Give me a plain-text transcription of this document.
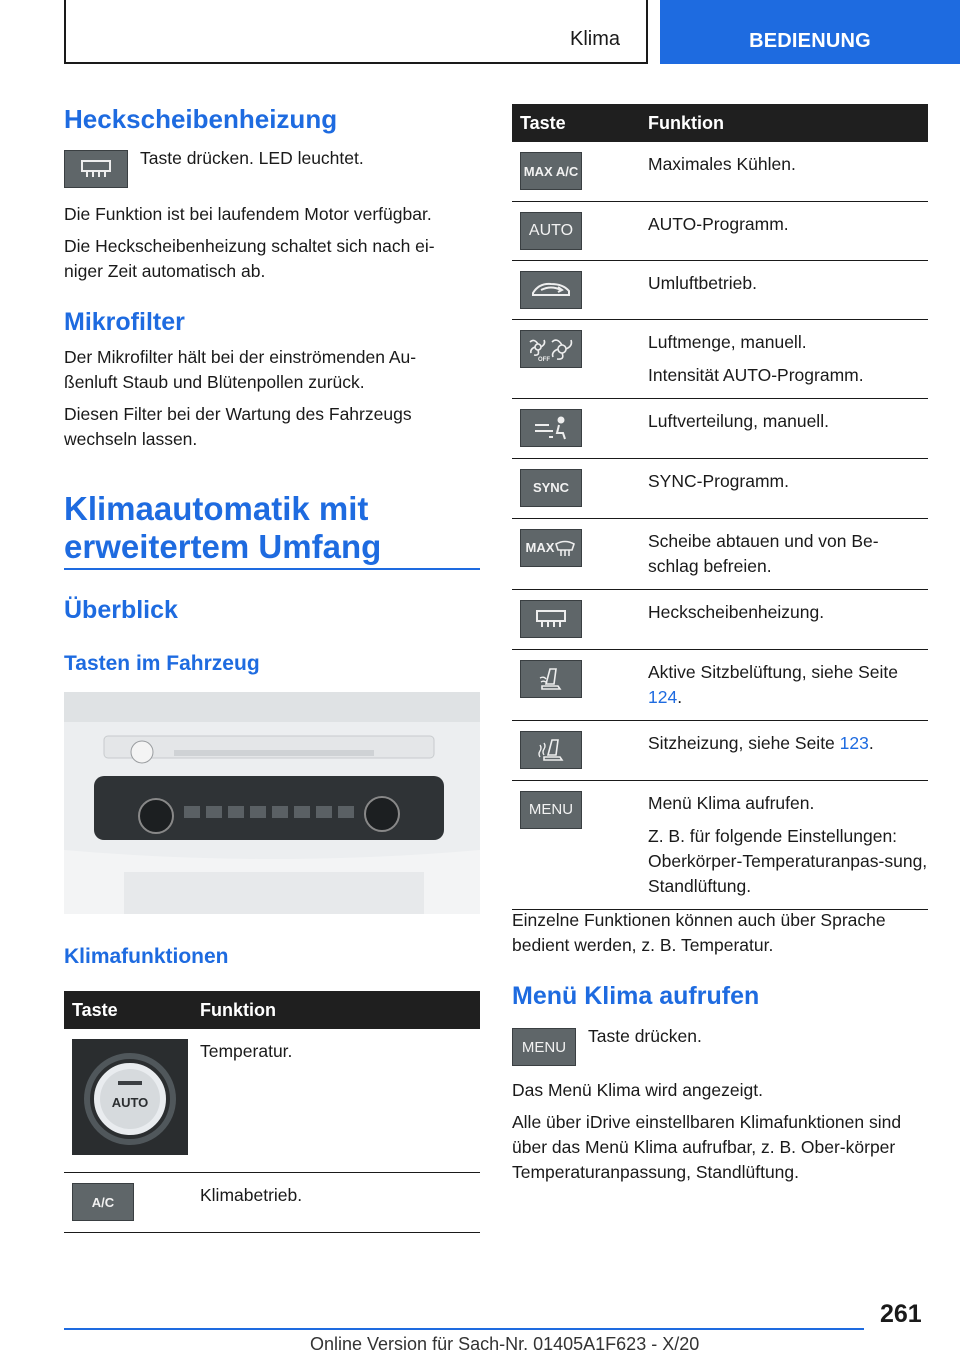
Klima	BEDIENUNG
Heckscheibenheizung

Taste drücken. LED leuchtet.

Die Funktion ist bei laufendem Motor verfügbar.

Die Heckscheibenheizung schaltet sich nach ei-niger Zeit automatisch ab.

Mikrofilter

Der Mikrofilter hält bei der einströmenden Au-ßenluft Staub und Blütenpollen zurück.

Diesen Filter bei der Wartung des Fahrzeugs wechseln lassen.

Klimaautomatik mit
erweitertem Umfang
Überblick
Tasten im Fahrzeug
Klimafunktionen
Taste	Funktion

AUTO	Temperatur.
A/C	Klimabetrieb.
Taste	Funktion
MAX A/C	Maximales Kühlen.
AUTO	AUTO-Programm.

	Umluftbetrieb.

OFF	Luftmenge, manuell.
Intensität AUTO-Programm.

	Luftverteilung, manuell.
SYNC	SYNC-Programm.

MAX	Scheibe abtauen und von Be-schlag befreien.

	Heckscheibenheizung.

	Aktive Sitzbelüftung, siehe Seite 124.

	Sitzheizung, siehe Seite 123.
MENU	Menü Klima aufrufen.
Z. B. für folgende Einstellungen: Oberkörper-Temperaturanpas-sung, Standlüftung.

Einzelne Funktionen können auch über Sprache bedient werden, z. B. Temperatur.

Menü Klima aufrufen
MENU

Taste drücken.

Das Menü Klima wird angezeigt.

Alle über iDrive einstellbaren Klimafunktionen sind über das Menü Klima aufrufbar, z. B. Ober-körper Temperaturanpassung, Standlüftung.

261
Online Version für Sach-Nr. 01405A1F623 - X/20
